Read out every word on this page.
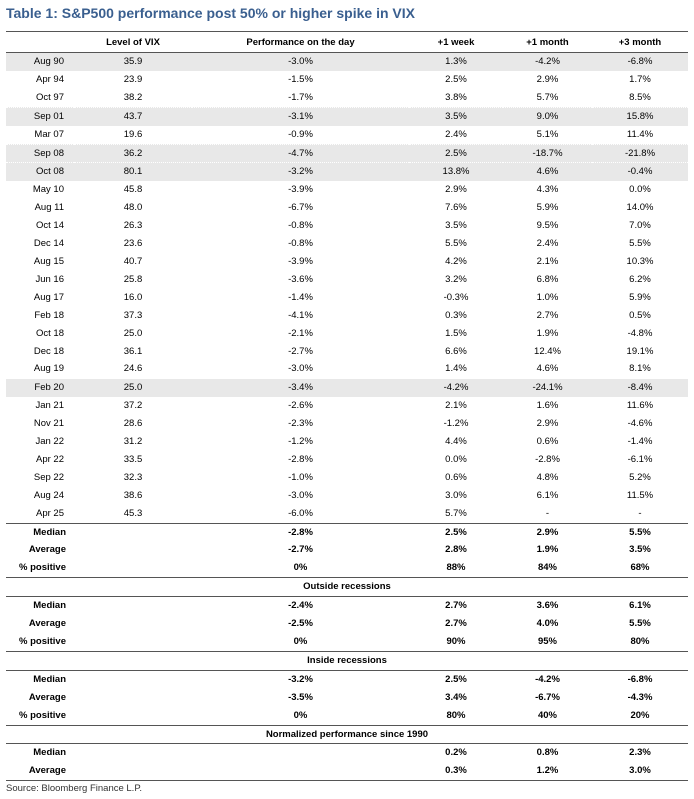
Table 1: S&P500 performance post 50% or higher spike in VIX
	Level of VIX	Performance on the day	+1 week	+1 month	+3 month
Aug 90	35.9	-3.0%	1.3%	-4.2%	-6.8%
Apr 94	23.9	-1.5%	2.5%	2.9%	1.7%
Oct 97	38.2	-1.7%	3.8%	5.7%	8.5%
Sep 01	43.7	-3.1%	3.5%	9.0%	15.8%
Mar 07	19.6	-0.9%	2.4%	5.1%	11.4%
Sep 08	36.2	-4.7%	2.5%	-18.7%	-21.8%
Oct 08	80.1	-3.2%	13.8%	4.6%	-0.4%
May 10	45.8	-3.9%	2.9%	4.3%	0.0%
Aug 11	48.0	-6.7%	7.6%	5.9%	14.0%
Oct 14	26.3	-0.8%	3.5%	9.5%	7.0%
Dec 14	23.6	-0.8%	5.5%	2.4%	5.5%
Aug 15	40.7	-3.9%	4.2%	2.1%	10.3%
Jun 16	25.8	-3.6%	3.2%	6.8%	6.2%
Aug 17	16.0	-1.4%	-0.3%	1.0%	5.9%
Feb 18	37.3	-4.1%	0.3%	2.7%	0.5%
Oct 18	25.0	-2.1%	1.5%	1.9%	-4.8%
Dec 18	36.1	-2.7%	6.6%	12.4%	19.1%
Aug 19	24.6	-3.0%	1.4%	4.6%	8.1%
Feb 20	25.0	-3.4%	-4.2%	-24.1%	-8.4%
Jan 21	37.2	-2.6%	2.1%	1.6%	11.6%
Nov 21	28.6	-2.3%	-1.2%	2.9%	-4.6%
Jan 22	31.2	-1.2%	4.4%	0.6%	-1.4%
Apr 22	33.5	-2.8%	0.0%	-2.8%	-6.1%
Sep 22	32.3	-1.0%	0.6%	4.8%	5.2%
Aug 24	38.6	-3.0%	3.0%	6.1%	11.5%
Apr 25	45.3	-6.0%	5.7%	-	-
Median		-2.8%	2.5%	2.9%	5.5%
Average		-2.7%	2.8%	1.9%	3.5%
% positive		0%	88%	84%	68%
Outside recessions					
Median		-2.4%	2.7%	3.6%	6.1%
Average		-2.5%	2.7%	4.0%	5.5%
% positive		0%	90%	95%	80%
Inside recessions					
Median		-3.2%	2.5%	-4.2%	-6.8%
Average		-3.5%	3.4%	-6.7%	-4.3%
% positive		0%	80%	40%	20%
Normalized performance since 1990					
Median			0.2%	0.8%	2.3%
Average			0.3%	1.2%	3.0%
Source: Bloomberg Finance L.P.
